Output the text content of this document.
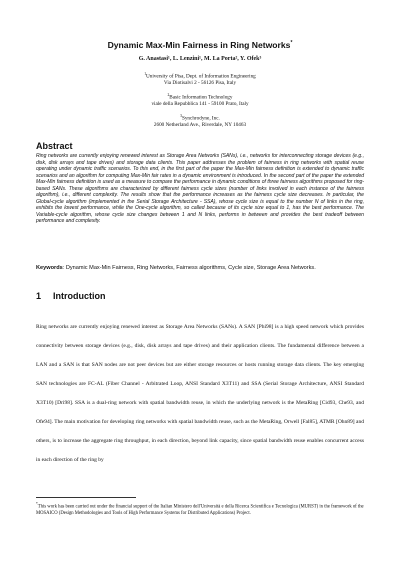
Dynamic Max-Min Fairness in Ring Networks*
G. Anastasi¹, L. Lenzini¹, M. La Porta², Y. Ofek³
$^1$University of Pisa, Dept. of Information Engineering
Via Diotisalvi 2 - 56126 Pisa, Italy
$^2$Basic Information Technology
viale della Repubblica 141 - 59100 Prato, Italy
$^3$Synchrodyne, Inc.
2600 Netherland Ave., Riverdale, NY 10463
Abstract
Ring networks are currently enjoying renewed interest as Storage Area Networks (SANs), i.e., networks for interconnecting storage devices (e.g., disk, disk arrays and tape drives) and storage data clients. This paper addresses the problem of fairness in ring networks with spatial reuse operating under dynamic traffic scenarios. To this end, in the first part of the paper the Max-Min fairness definition is extended to dynamic traffic scenarios and an algorithm for computing Max-Min fair rates in a dynamic environment is introduced. In the second part of the paper the extended Max-Min fairness definition is used as a measure to compare the performance in dynamic conditions of three fairness algorithms proposed for ring-based SANs. These algorithms are characterized by different fairness cycle sizes (number of links involved in each instance of the fairness algorithm), i.e., different complexity. The results show that the performance increases as the fairness cycle size decreases. In particular, the Global-cycle algorithm (implemented in the Serial Storage Architecture - SSA), whose cycle size is equal to the number N of links in the ring, exhibits the lowest performance, while the One-cycle algorithm, so called because of its cycle size equal to 1, has the best performance. The Variable-cycle algorithm, whose cycle size changes between 1 and N links, performs in between and provides the best tradeoff between performance and complexity.
Keywords: Dynamic Max-Min Fairness, Ring Networks, Fairness algorithms, Cycle size, Storage Area Networks.
1 Introduction
Ring networks are currently enjoying renewed interest as Storage Area Networks (SANs). A SAN [Phi98] is a high speed network which provides connectivity between storage devices (e.g., disk, disk arrays and tape drives) and their application clients. The fundamental difference between a LAN and a SAN is that SAN nodes are not peer devices but are either storage resources or hosts running storage data clients. The key emerging SAN technologies are FC-AL (Fiber Channel - Arbitrated Loop, ANSI Standard X3T11) and SSA (Serial Storage Architecture, ANSI Standard X3T10) [Dri98]. SSA is a dual-ring network with spatial bandwidth reuse, in which the underlying network is the MetaRing [Cid93, Che93, and Ofe94]. The main motivation for developing ring networks with spatial bandwidth reuse, such as the MetaRing, Orwell [Fal85], ATMR [Ohn89] and others, is to increase the aggregate ring throughput, in each direction, beyond link capacity, since spatial bandwidth reuse enables concurrent access in each direction of the ring by
*This work has been carried out under the financial support of the Italian Ministero dell'Università e della Ricerca Scientifica e Tecnologica (MURST) in the framework of the MOSAICO (Design Methodologies and Tools of High Performance Systems for Distributed Applications) Project.
